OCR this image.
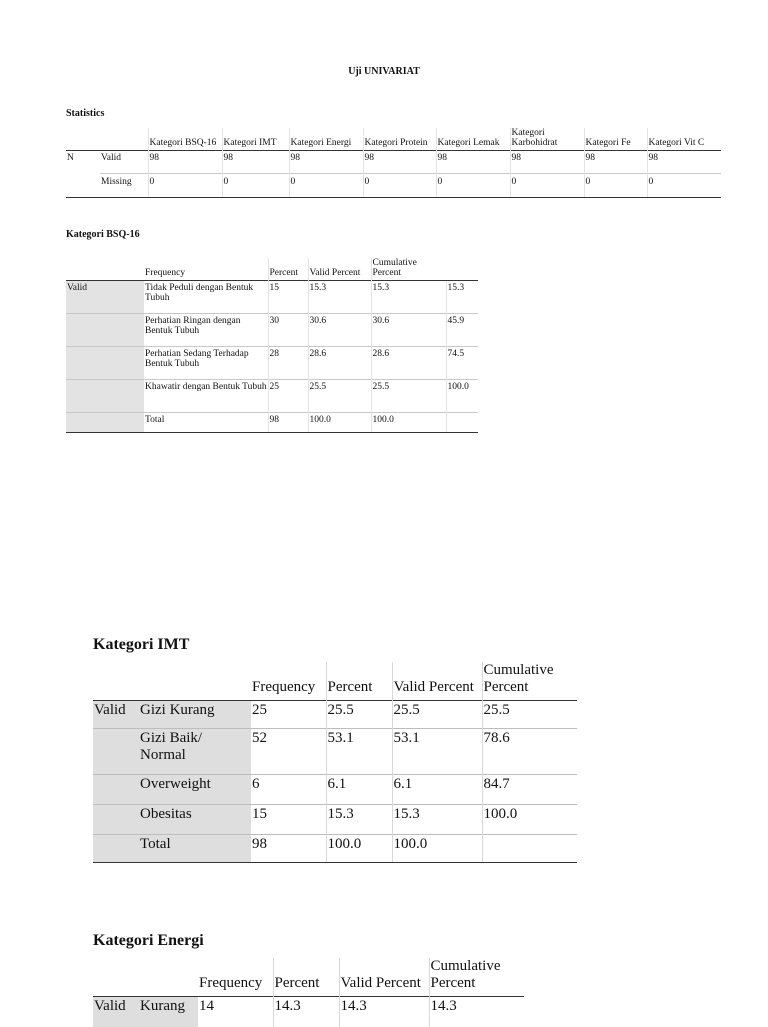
Uji UNIVARIAT
Statistics
		Kategori BSQ-16	Kategori IMT	Kategori Energi	Kategori Protein	Kategori Lemak	Kategori Karbohidrat	Kategori Fe	Kategori Vit C
N	Valid	98	98	98	98	98	98	98	98
	Missing	0	0	0	0	0	0	0	0
Kategori BSQ-16
	Frequency	Percent	Valid Percent	Cumulative Percent	
Valid	Tidak Peduli dengan Bentuk Tubuh	15	15.3	15.3	15.3
	Perhatian Ringan dengan Bentuk Tubuh	30	30.6	30.6	45.9
	Perhatian Sedang Terhadap Bentuk Tubuh	28	28.6	28.6	74.5
	Khawatir dengan Bentuk Tubuh	25	25.5	25.5	100.0
	Total	98	100.0	100.0	
Kategori IMT
		Frequency	Percent	Valid Percent	Cumulative Percent
Valid	Gizi Kurang	25	25.5	25.5	25.5
	Gizi Baik/ Normal	52	53.1	53.1	78.6
	Overweight	6	6.1	6.1	84.7
	Obesitas	15	15.3	15.3	100.0
	Total	98	100.0	100.0	
Kategori Energi
		Frequency	Percent	Valid Percent	Cumulative Percent
Valid	Kurang	14	14.3	14.3	14.3
